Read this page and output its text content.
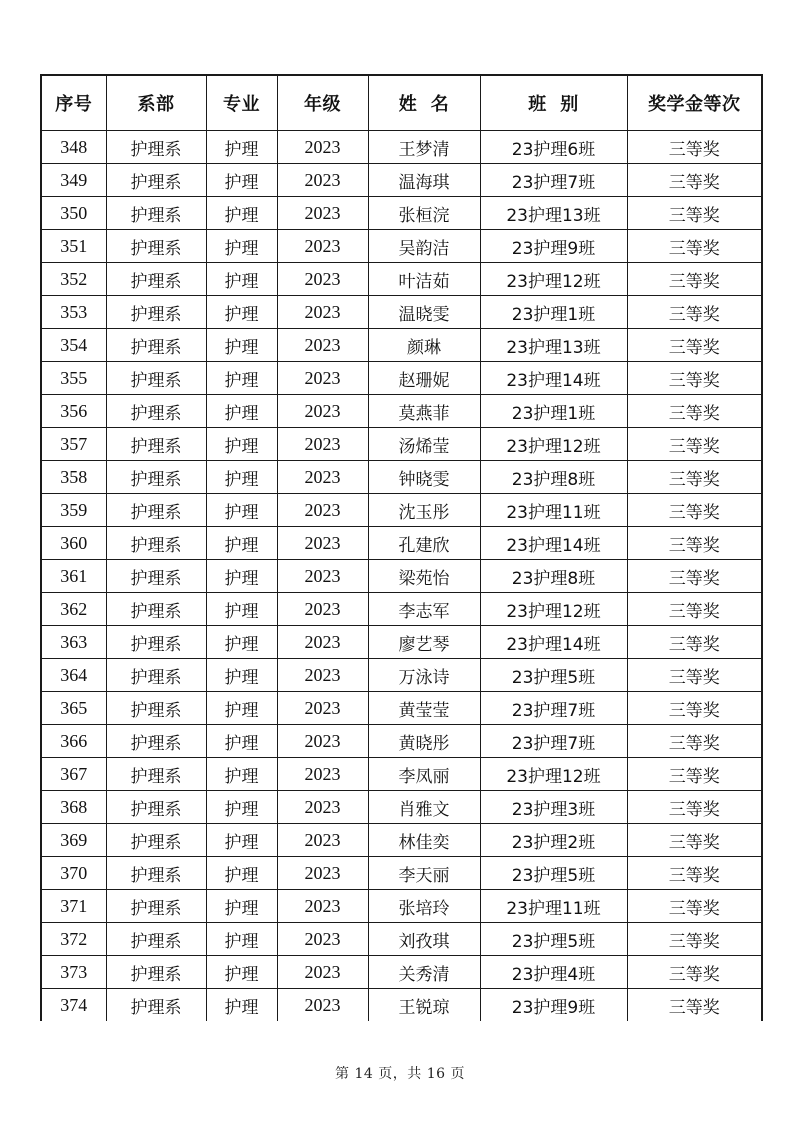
序号	系部	专业	年级	姓  名	班  别	奖学金等次
348	护理系	护理	2023	王梦清	23护理6班	三等奖
349	护理系	护理	2023	温海琪	23护理7班	三等奖
350	护理系	护理	2023	张桓浣	23护理13班	三等奖
351	护理系	护理	2023	吴韵洁	23护理9班	三等奖
352	护理系	护理	2023	叶洁茹	23护理12班	三等奖
353	护理系	护理	2023	温晓雯	23护理1班	三等奖
354	护理系	护理	2023	颜琳	23护理13班	三等奖
355	护理系	护理	2023	赵珊妮	23护理14班	三等奖
356	护理系	护理	2023	莫燕菲	23护理1班	三等奖
357	护理系	护理	2023	汤烯莹	23护理12班	三等奖
358	护理系	护理	2023	钟晓雯	23护理8班	三等奖
359	护理系	护理	2023	沈玉彤	23护理11班	三等奖
360	护理系	护理	2023	孔建欣	23护理14班	三等奖
361	护理系	护理	2023	梁苑怡	23护理8班	三等奖
362	护理系	护理	2023	李志军	23护理12班	三等奖
363	护理系	护理	2023	廖艺琴	23护理14班	三等奖
364	护理系	护理	2023	万泳诗	23护理5班	三等奖
365	护理系	护理	2023	黄莹莹	23护理7班	三等奖
366	护理系	护理	2023	黄晓彤	23护理7班	三等奖
367	护理系	护理	2023	李凤丽	23护理12班	三等奖
368	护理系	护理	2023	肖雅文	23护理3班	三等奖
369	护理系	护理	2023	林佳奕	23护理2班	三等奖
370	护理系	护理	2023	李天丽	23护理5班	三等奖
371	护理系	护理	2023	张培玲	23护理11班	三等奖
372	护理系	护理	2023	刘孜琪	23护理5班	三等奖
373	护理系	护理	2023	关秀清	23护理4班	三等奖
374	护理系	护理	2023	王锐琼	23护理9班	三等奖
第 14 页，共 16 页
